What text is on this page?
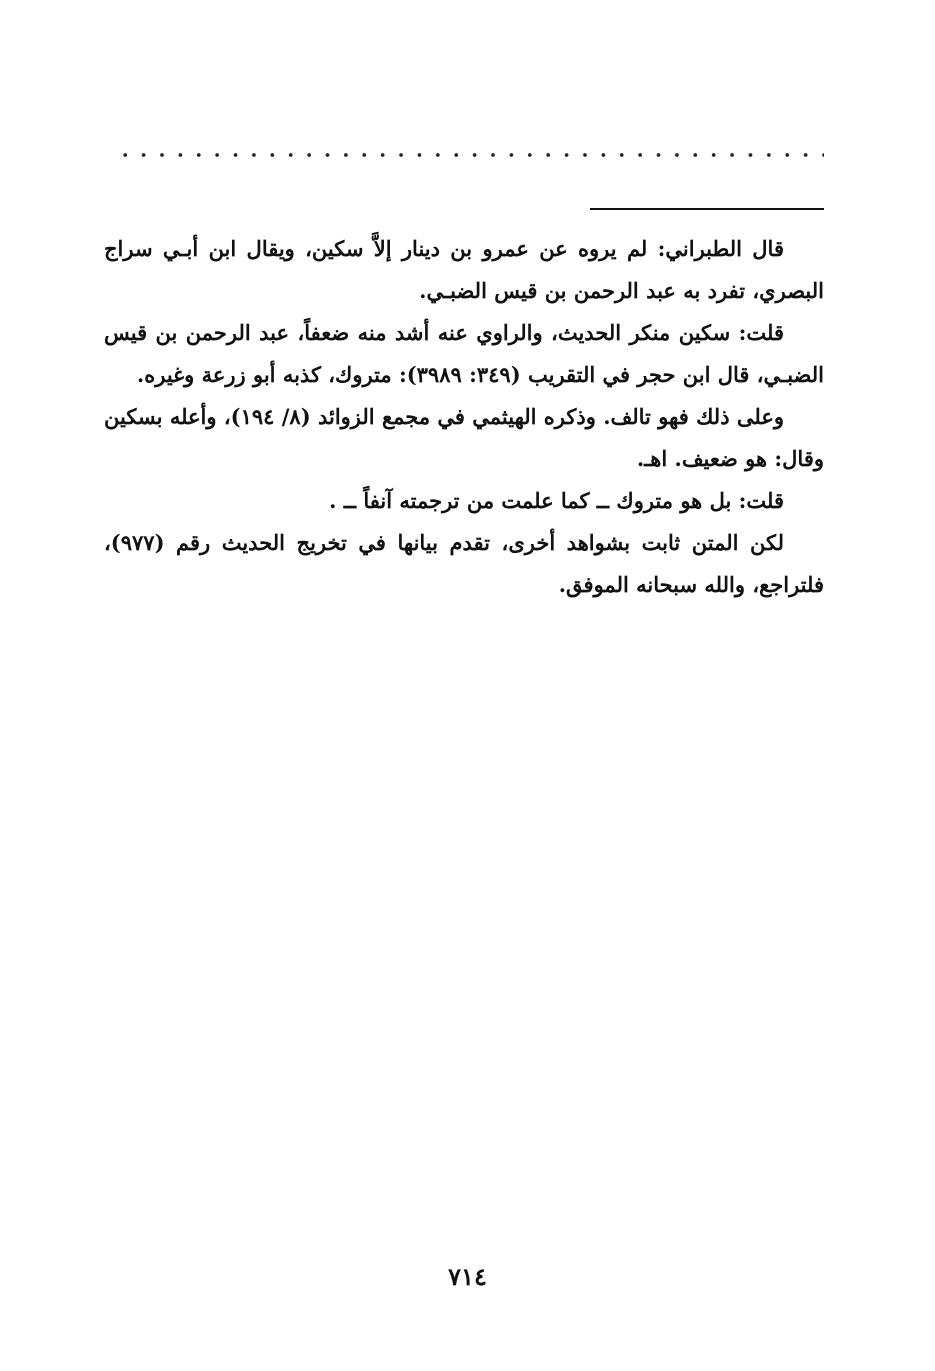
قال الطبراني: لم يروه عن عمرو بن دينار إلاَّ سكين، ويقال ابن أبـي سراج البصري، تفرد به عبد الرحمن بن قيس الضبـي.

قلت: سكين منكر الحديث، والراوي عنه أشد منه ضعفاً، عبد الرحمن بن قيس الضبـي، قال ابن حجر في التقريب (٣٤٩: ٣٩٨٩): متروك، كذبه أبو زرعة وغيره.

وعلى ذلك فهو تالف. وذكره الهيثمي في مجمع الزوائد (٨/ ١٩٤)، وأعله بسكين وقال: هو ضعيف. اهـ.

قلت: بل هو متروك ــ كما علمت من ترجمته آنفاً ــ .

لكن المتن ثابت بشواهد أخرى، تقدم بيانها في تخريج الحديث رقم (٩٧٧)، فلتراجع، والله سبحانه الموفق.

٧١٤
